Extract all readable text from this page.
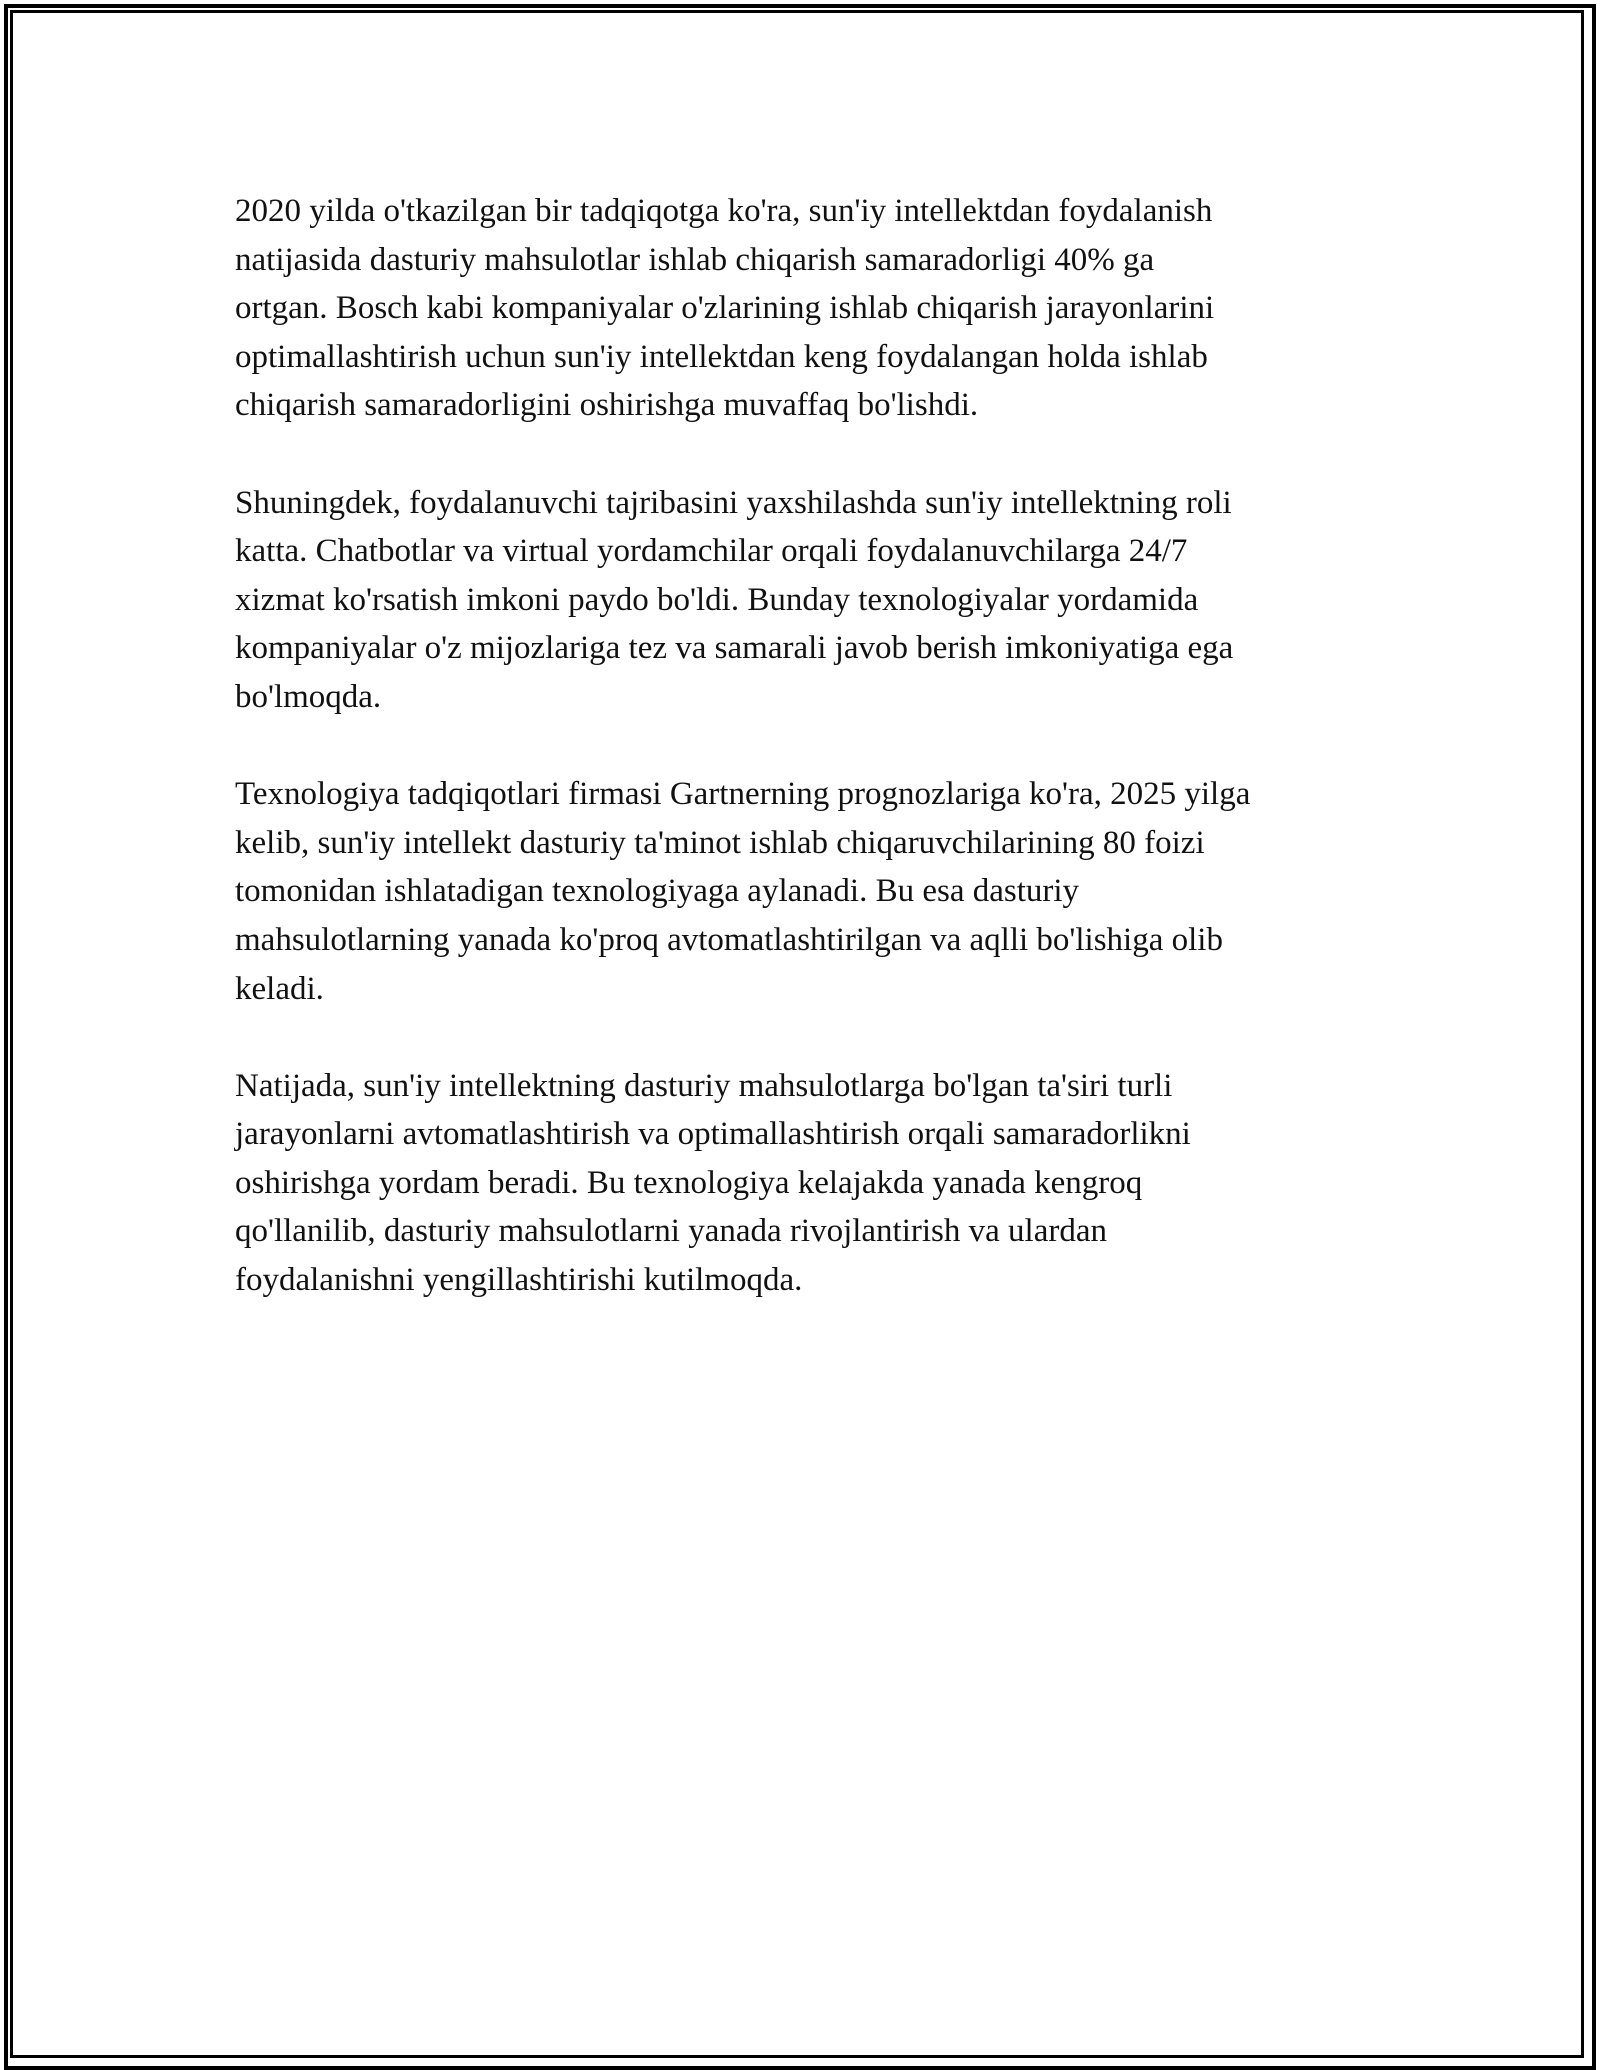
2020 yilda o'tkazilgan bir tadqiqotga ko'ra, sun'iy intellektdan foydalanish
natijasida dasturiy mahsulotlar ishlab chiqarish samaradorligi 40% ga
ortgan. Bosch kabi kompaniyalar o'zlarining ishlab chiqarish jarayonlarini
optimallashtirish uchun sun'iy intellektdan keng foydalangan holda ishlab
chiqarish samaradorligini oshirishga muvaffaq bo'lishdi.

Shuningdek, foydalanuvchi tajribasini yaxshilashda sun'iy intellektning roli
katta. Chatbotlar va virtual yordamchilar orqali foydalanuvchilarga 24/7
xizmat ko'rsatish imkoni paydo bo'ldi. Bunday texnologiyalar yordamida
kompaniyalar o'z mijozlariga tez va samarali javob berish imkoniyatiga ega
bo'lmoqda.

Texnologiya tadqiqotlari firmasi Gartnerning prognozlariga ko'ra, 2025 yilga
kelib, sun'iy intellekt dasturiy ta'minot ishlab chiqaruvchilarining 80 foizi
tomonidan ishlatadigan texnologiyaga aylanadi. Bu esa dasturiy
mahsulotlarning yanada ko'proq avtomatlashtirilgan va aqlli bo'lishiga olib
keladi.

Natijada, sun'iy intellektning dasturiy mahsulotlarga bo'lgan ta'siri turli
jarayonlarni avtomatlashtirish va optimallashtirish orqali samaradorlikni
oshirishga yordam beradi. Bu texnologiya kelajakda yanada kengroq
qo'llanilib, dasturiy mahsulotlarni yanada rivojlantirish va ulardan
foydalanishni yengillashtirishi kutilmoqda.
